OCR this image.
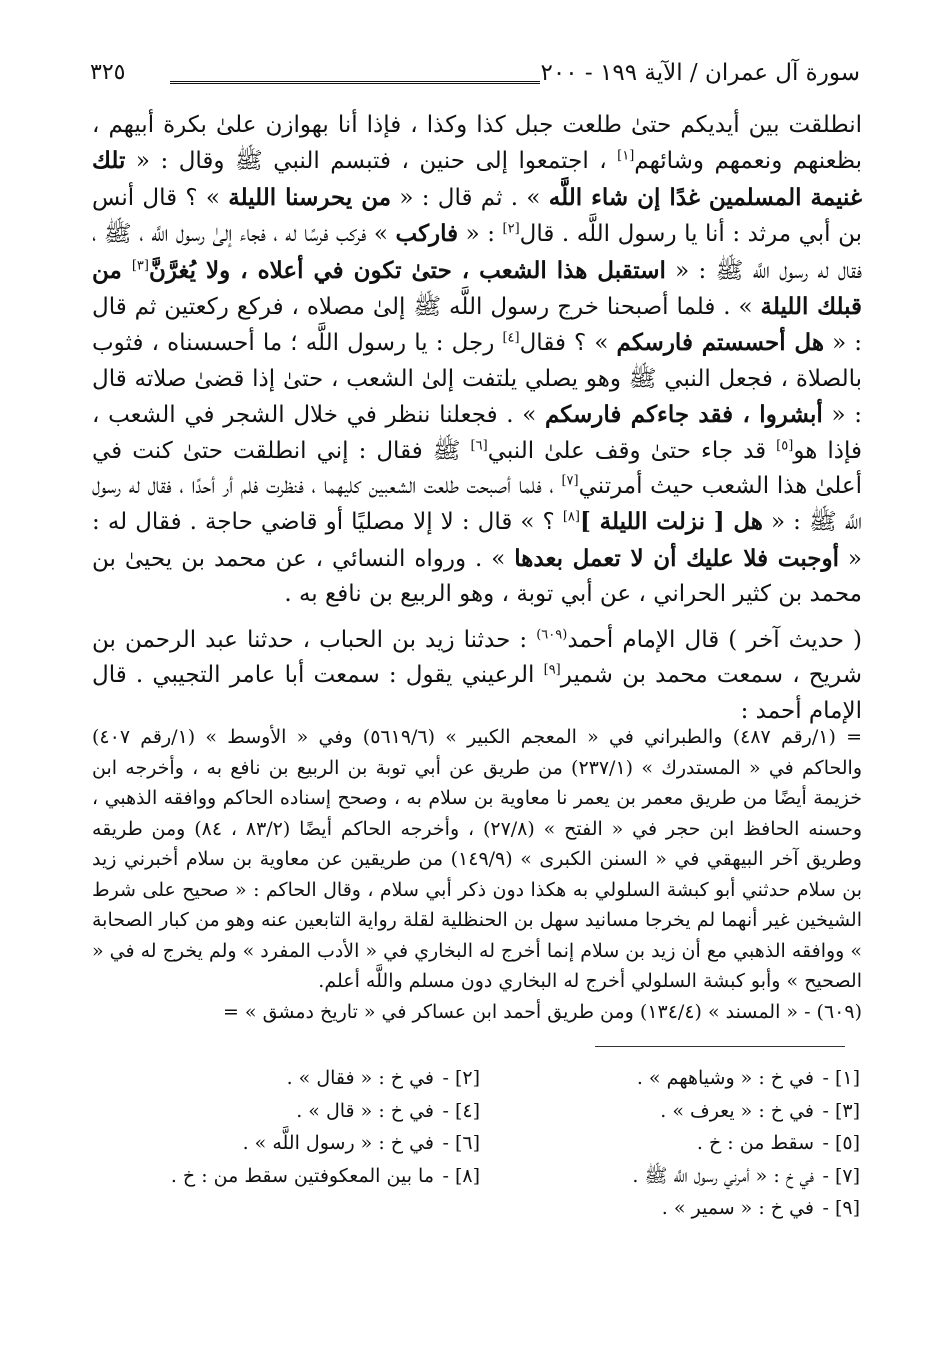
سورة آل عمران / الآية ١٩٩ - ٢٠٠
٣٢٥

انطلقت بين أيديكم حتىٰ طلعت جبل كذا وكذا ، فإذا أنا بهوازن علىٰ بكرة أبيهم ، بظعنهم ونعمهم وشائهم[١] ، اجتمعوا إلى حنين ، فتبسم النبي ﷺ وقال : « تلك غنيمة المسلمين غدًا إن شاء اللَّه » . ثم قال : « من يحرسنا الليلة » ؟ قال أنس بن أبي مرثد : أنا يا رسول اللَّه . قال[٢] : « فاركب » فركب فرسًا له ، فجاء إلىٰ رسول اللَّه ، ﷺ ، فقال له رسول اللَّه ﷺ : « استقبل هذا الشعب ، حتىٰ تكون في أعلاه ، ولا يُغرَّنَّ[٣] من قبلك الليلة » . فلما أصبحنا خرج رسول اللَّه ﷺ إلىٰ مصلاه ، فركع ركعتين ثم قال : « هل أحسستم فارسكم » ؟ فقال[٤] رجل : يا رسول اللَّه ؛ ما أحسسناه ، فثوب بالصلاة ، فجعل النبي ﷺ وهو يصلي يلتفت إلىٰ الشعب ، حتىٰ إذا قضىٰ صلاته قال : « أبشروا ، فقد جاءكم فارسكم » . فجعلنا ننظر في خلال الشجر في الشعب ، فإذا هو[٥] قد جاء حتىٰ وقف علىٰ النبي[٦] ﷺ فقال : إني انطلقت حتىٰ كنت في أعلىٰ هذا الشعب حيث أمرتني[٧] ، فلما أصبحت طلعت الشعبين كليهما ، فنظرت فلم أر أحدًا ، فقال له رسول اللَّه ﷺ : « هل [ نزلت الليلة ][٨] ؟ » قال : لا إلا مصليًا أو قاضي حاجة . فقال له : « أوجبت فلا عليك أن لا تعمل بعدها » . ورواه النسائي ، عن محمد بن يحيىٰ بن محمد بن كثير الحراني ، عن أبي توبة ، وهو الربيع بن نافع به .

( حديث آخر ) قال الإمام أحمد$^{(٦٠٩)}$ : حدثنا زيد بن الحباب ، حدثنا عبد الرحمن بن شريح ، سمعت محمد بن شمير[٩] الرعيني يقول : سمعت أبا عامر التجيبي . قال الإمام أحمد :

= (١/رقم ٤٨٧) والطبراني في « المعجم الكبير » (٥٦١٩/٦) وفي « الأوسط » (١/رقم ٤٠٧) والحاكم في « المستدرك » (٢٣٧/١) من طريق عن أبي توبة بن الربيع بن نافع به ، وأخرجه ابن خزيمة أيضًا من طريق معمر بن يعمر نا معاوية بن سلام به ، وصحح إسناده الحاكم ووافقه الذهبي ، وحسنه الحافظ ابن حجر في « الفتح » (٢٧/٨) ، وأخرجه الحاكم أيضًا (٨٣/٢ ، ٨٤) ومن طريقه وطريق آخر البيهقي في « السنن الكبرى » (١٤٩/٩) من طريقين عن معاوية بن سلام أخبرني زيد بن سلام حدثني أبو كبشة السلولي به هكذا دون ذكر أبي سلام ، وقال الحاكم : « صحيح على شرط الشيخين غير أنهما لم يخرجا مسانيد سهل بن الحنظلية لقلة رواية التابعين عنه وهو من كبار الصحابة » ووافقه الذهبي مع أن زيد بن سلام إنما أخرج له البخاري في « الأدب المفرد » ولم يخرج له في « الصحيح » وأبو كبشة السلولي أخرج له البخاري دون مسلم واللَّه أعلم.

(٦٠٩) - « المسند » (١٣٤/٤) ومن طريق أحمد ابن عساكر في « تاريخ دمشق » =

[١] -
في خ : « وشياههم » .
[٣] -
في خ : « يعرف » .
[٥] -
سقط من : خ .
[٧] -
في خ : « أمرني رسول اللَّه ﷺ .
[٩] -
في خ : « سمير » .
[٢] -
في خ : « فقال » .
[٤] -
في خ : « قال » .
[٦] -
في خ : « رسول اللَّه » .
[٨] -
ما بين المعكوفتين سقط من : خ .
